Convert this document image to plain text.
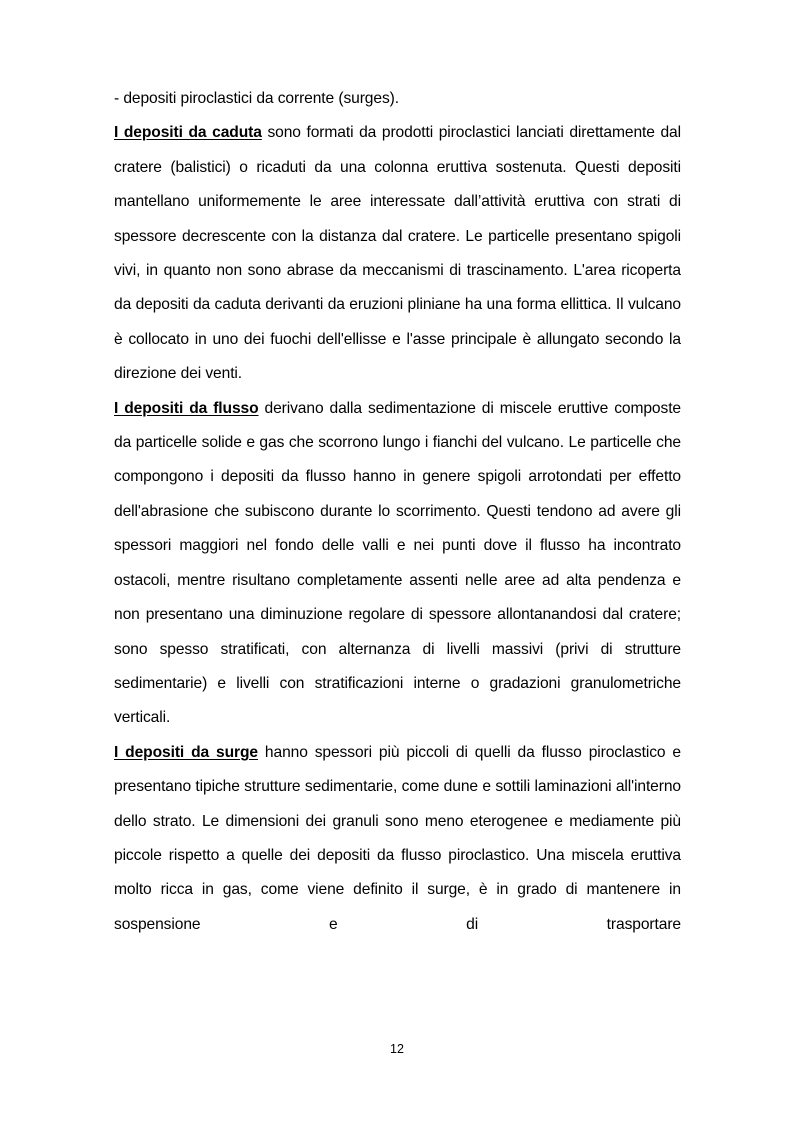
- depositi piroclastici da corrente (surges).

I depositi da caduta sono formati da prodotti piroclastici lanciati direttamente dal cratere (balistici) o ricaduti da una colonna eruttiva sostenuta. Questi depositi mantellano uniformemente le aree interessate dall’attività eruttiva con strati di spessore decrescente con la distanza dal cratere. Le particelle presentano spigoli vivi, in quanto non sono abrase da meccanismi di trascinamento. L'area ricoperta da depositi da caduta derivanti da eruzioni pliniane ha una forma ellittica. Il vulcano è collocato in uno dei fuochi dell'ellisse e l'asse principale è allungato secondo la direzione dei venti.

I depositi da flusso derivano dalla sedimentazione di miscele eruttive composte da particelle solide e gas che scorrono lungo i fianchi del vulcano. Le particelle che compongono i depositi da flusso hanno in genere spigoli arrotondati per effetto dell'abrasione che subiscono durante lo scorrimento. Questi tendono ad avere gli spessori maggiori nel fondo delle valli e nei punti dove il flusso ha incontrato ostacoli, mentre risultano completamente assenti nelle aree ad alta pendenza e non presentano una diminuzione regolare di spessore allontanandosi dal cratere; sono spesso stratificati, con alternanza di livelli massivi (privi di strutture sedimentarie) e livelli con stratificazioni interne o gradazioni granulometriche verticali.

I depositi da surge hanno spessori più piccoli di quelli da flusso piroclastico e presentano tipiche strutture sedimentarie, come dune e sottili laminazioni all'interno dello strato. Le dimensioni dei granuli sono meno eterogenee e mediamente più piccole rispetto a quelle dei depositi da flusso piroclastico. Una miscela eruttiva molto ricca in gas, come viene definito il surge, è in grado di mantenere in sospensione e di trasportare

12
